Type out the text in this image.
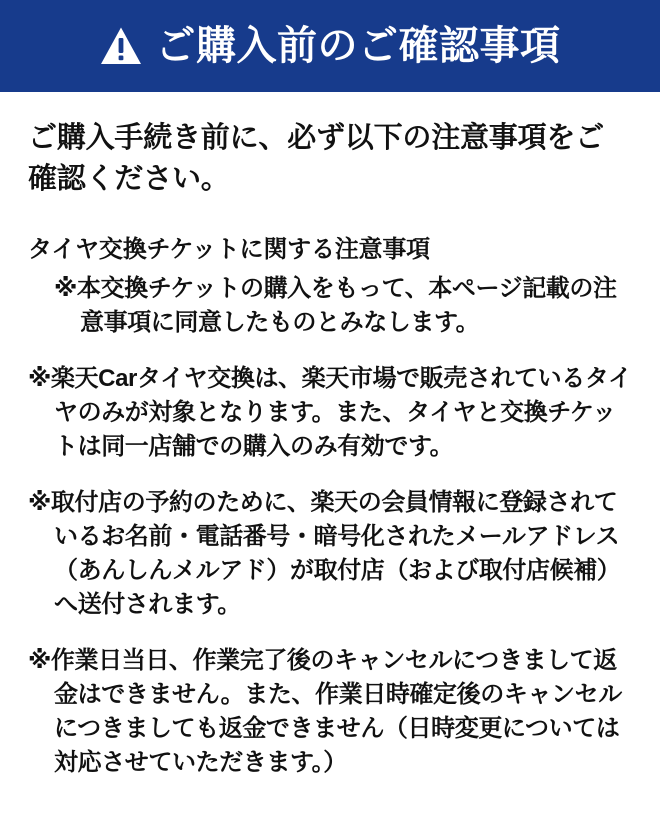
ご購入前のご確認事項

ご購入手続き前に、必ず以下の注意事項をご確認ください。

タイヤ交換チケットに関する注意事項

※本交換チケットの購入をもって、本ページ記載の注意事項に同意したものとみなします。

※楽天Carタイヤ交換は、楽天市場で販売されているタイヤのみが対象となります。また、タイヤと交換チケットは同一店舗での購入のみ有効です。

※取付店の予約のために、楽天の会員情報に登録されているお名前・電話番号・暗号化されたメールアドレス（あんしんメルアド）が取付店（および取付店候補）へ送付されます。

※作業日当日、作業完了後のキャンセルにつきまして返金はできません。また、作業日時確定後のキャンセルにつきましても返金できません（日時変更については対応させていただきます。）
